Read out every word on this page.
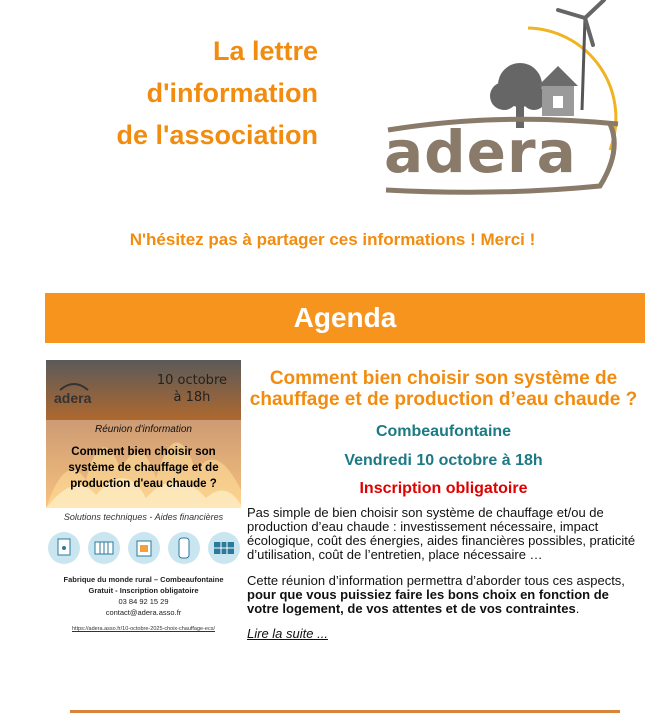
La lettre
d'information
de l'association adera
N'hésitez pas à partager ces informations ! Merci !
Agenda
adera
10 octobre
à 18h
Réunion d'information
Comment bien choisir son système de chauffage et de production d'eau chaude ?
Solutions techniques - Aides financières
Fabrique du monde rural – Combeaufontaine
Gratuit - Inscription obligatoire
03 84 92 15 29
contact@adera.asso.fr
https://adera.asso.fr/10-octobre-2025-choix-chauffage-ecs/
Comment bien choisir son système de chauffage et de production d’eau chaude ?
Combeaufontaine
Vendredi 10 octobre à 18h
Inscription obligatoire
Pas simple de bien choisir son système de chauffage et/ou de production d’eau chaude : investissement nécessaire, impact écologique, coût des énergies, aides financières possibles, praticité d’utilisation, coût de l’entretien, place nécessaire …
Cette réunion d’information permettra d’aborder tous ces aspects, pour que vous puissiez faire les bons choix en fonction de votre logement, de vos attentes et de vos contraintes.
Lire la suite ...
